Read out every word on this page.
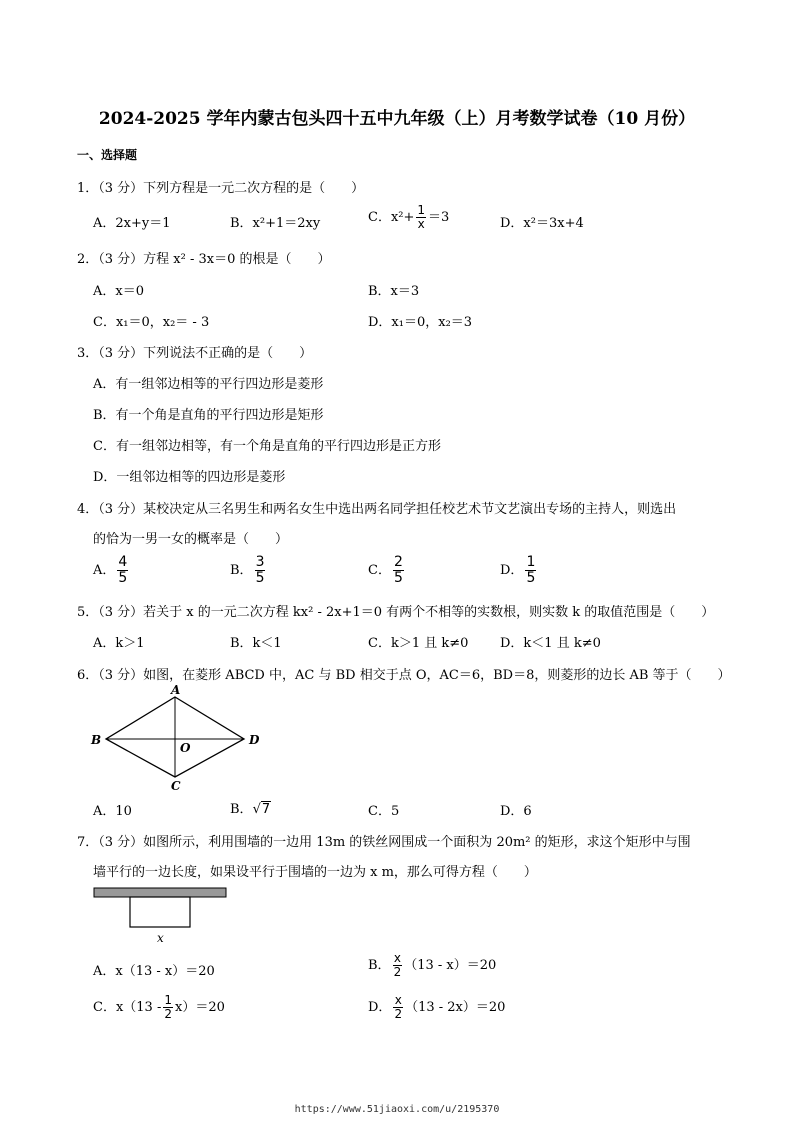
2024-2025 学年内蒙古包头四十五中九年级（上）月考数学试卷（10 月份）
一、选择题
1．（3 分）下列方程是一元二次方程的是（　　）
A．2x+y＝1	B．x²+1＝2xy	C．$x^2+ \frac{1}{x} =3$	D．x²＝3x+4
2．（3 分）方程 x² - 3x＝0 的根是（　　）
A．x＝0	B．x＝3
C．x₁＝0，x₂＝ - 3	D．x₁＝0，x₂＝3
3．（3 分）下列说法不正确的是（　　）
A．有一组邻边相等的平行四边形是菱形
B．有一个角是直角的平行四边形是矩形
C．有一组邻边相等，有一个角是直角的平行四边形是正方形
D．一组邻边相等的四边形是菱形
4．（3 分）某校决定从三名男生和两名女生中选出两名同学担任校艺术节文艺演出专场的主持人，则选出
的恰为一男一女的概率是（　　）
A． $\frac{4}{5}$	B． $\frac{3}{5}$	C． $\frac{2}{5}$	D． $\frac{1}{5}$
5．（3 分）若关于 x 的一元二次方程 kx² - 2x+1＝0 有两个不相等的实数根，则实数 k 的取值范围是（　　）
A．k＞1	B．k＜1	C．k＞1 且 k≠0 D．k＜1 且 k≠0
6．（3 分）如图，在菱形 ABCD 中，AC 与 BD 相交于点 O，AC＝6，BD＝8，则菱形的边长 AB 等于（　　）
A
B
C
D
O
A．10	B．√7	C．5	D．6
7．（3 分）如图所示，利用围墙的一边用 13m 的铁丝网围成一个面积为 20m² 的矩形，求这个矩形中与围
墙平行的一边长度，如果设平行于围墙的一边为 x m，那么可得方程（　　）
x
A．x（13 - x）＝20	B． $\frac{x}{2} (13 - x)=20$
C．$x(13 - \frac{1}{2} x)=20$	D． $\frac{x}{2} (13 - 2x)=20$
https://www.51jiaoxi.com/u/2195370
